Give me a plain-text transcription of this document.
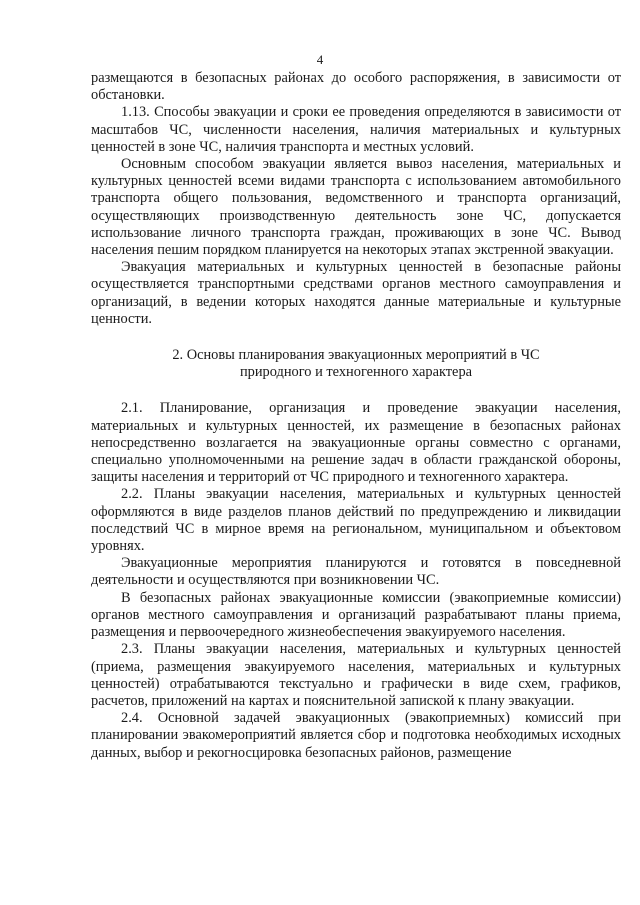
4

размещаются в безопасных районах до особого распоряжения, в зависимости от обстановки.

1.13. Способы эвакуации и сроки ее проведения определяются в зависимости от масштабов ЧС, численности населения, наличия материальных и культурных ценностей в зоне ЧС, наличия транспорта и местных условий.

Основным способом эвакуации является вывоз населения, материальных и культурных ценностей всеми видами транспорта с использованием автомобильного транспорта общего пользования, ведомственного и транспорта организаций, осуществляющих производственную деятельность зоне ЧС, допускается использование личного транспорта граждан, проживающих в зоне ЧС. Вывод населения пешим порядком планируется на некоторых этапах экстренной эвакуации.

Эвакуация материальных и культурных ценностей в безопасные районы осуществляется транспортными средствами органов местного самоуправления и организаций, в ведении которых находятся данные материальные и культурные ценности.

2. Основы планирования эвакуационных мероприятий в ЧС

природного и техногенного характера

2.1. Планирование, организация и проведение эвакуации населения, материальных и культурных ценностей, их размещение в безопасных районах непосредственно возлагается на эвакуационные органы совместно с органами, специально уполномоченными на решение задач в области гражданской обороны, защиты населения и территорий от ЧС природного и техногенного характера.

2.2. Планы эвакуации населения, материальных и культурных ценностей оформляются в виде разделов планов действий по предупреждению и ликвидации последствий ЧС в мирное время на региональном, муниципальном и объектовом уровнях.

Эвакуационные мероприятия планируются и готовятся в повседневной деятельности и осуществляются при возникновении ЧС.

В безопасных районах эвакуационные комиссии (эвакоприемные комиссии) органов местного самоуправления и организаций разрабатывают планы приема, размещения и первоочередного жизнеобеспечения эвакуируемого населения.

2.3. Планы эвакуации населения, материальных и культурных ценностей (приема, размещения эвакуируемого населения, материальных и культурных ценностей) отрабатываются текстуально и графически в виде схем, графиков, расчетов, приложений на картах и пояснительной запиской к плану эвакуации.

2.4. Основной задачей эвакуационных (эвакоприемных) комиссий при планировании эвакомероприятий является сбор и подготовка необходимых исходных данных, выбор и рекогносцировка безопасных районов, размещение
